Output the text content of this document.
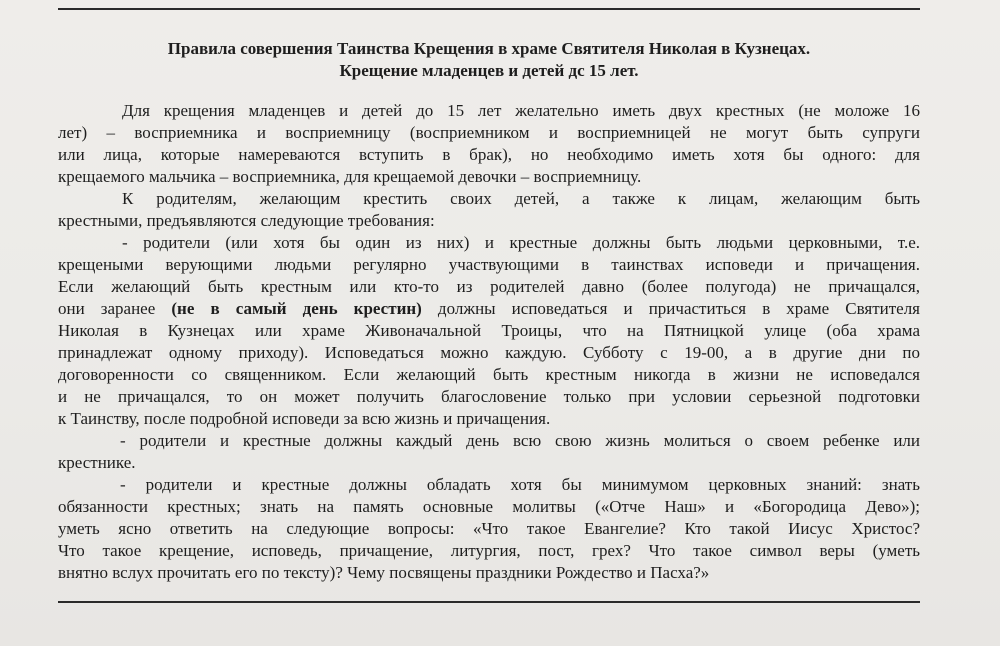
Правила совершения Таинства Крещения в храме Святителя Николая в Кузнецах.
Крещение младенцев и детей дс 15 лет.
Для крещения младенцев и детей до 15 лет желательно иметь двух крестных (не моложе 16
лет) – восприемника и восприемницу (восприемником и восприемницей не могут быть супруги
или лица, которые намереваются вступить в брак), но необходимо иметь хотя бы одного: для
крещаемого мальчика – восприемника, для крещаемой девочки – восприемницу.
К родителям, желающим крестить своих детей, а также к лицам, желающим быть
крестными, предъявляются следующие требования:
- родители (или хотя бы один из них) и крестные должны быть людьми церковными, т.е.
крещеными верующими людьми регулярно участвующими в таинствах исповеди и причащения.
Если желающий быть крестным или кто-то из родителей давно (более полугода) не причащался,
они заранее (не в самый день крестин) должны исповедаться и причаститься в храме Святителя
Николая в Кузнецах или храме Живоначальной Троицы, что на Пятницкой улице (оба храма
принадлежат одному приходу). Исповедаться можно каждую. Субботу с 19-00, а в другие дни по
договоренности со священником. Если желающий быть крестным никогда в жизни не исповедался
и не причащался, то он может получить благословение только при условии серьезной подготовки
к Таинству, после подробной исповеди за всю жизнь и причащения.
- родители и крестные должны каждый день всю свою жизнь молиться о своем ребенке или
крестнике.
- родители и крестные должны обладать хотя бы минимумом церковных знаний: знать
обязанности крестных; знать на память основные молитвы («Отче Наш» и «Богородица Дево»);
уметь ясно ответить на следующие вопросы: «Что такое Евангелие? Кто такой Иисус Христос?
Что такое крещение, исповедь, причащение, литургия, пост, грех? Что такое символ веры (уметь
внятно вслух прочитать его по тексту)? Чему посвящены праздники Рождество и Пасха?»
